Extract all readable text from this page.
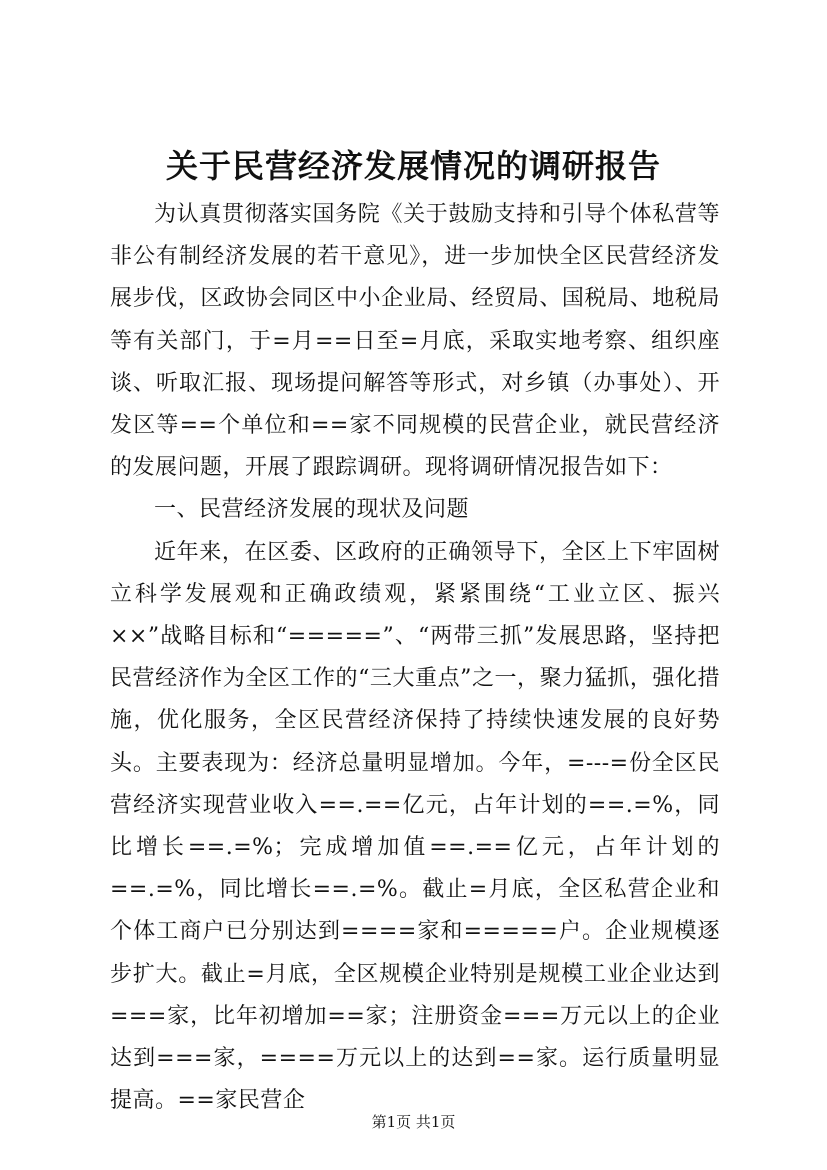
关于民营经济发展情况的调研报告

为认真贯彻落实国务院《关于鼓励支持和引导个体私营等非公有制经济发展的若干意见》，进一步加快全区民营经济发展步伐，区政协会同区中小企业局、经贸局、国税局、地税局等有关部门，于=月==日至=月底，采取实地考察、组织座谈、听取汇报、现场提问解答等形式，对乡镇（办事处）、开发区等==个单位和==家不同规模的民营企业，就民营经济的发展问题，开展了跟踪调研。现将调研情况报告如下：

一、民营经济发展的现状及问题

近年来，在区委、区政府的正确领导下，全区上下牢固树立科学发展观和正确政绩观，紧紧围绕“工业立区、振兴××”战略目标和“=====”、“两带三抓”发展思路，坚持把民营经济作为全区工作的“三大重点”之一，聚力猛抓，强化措施，优化服务，全区民营经济保持了持续快速发展的良好势头。主要表现为：经济总量明显增加。今年，=---=份全区民营经济实现营业收入==.==亿元，占年计划的==.=%，同比增长==.=%；完成增加值==.==亿元，占年计划的==.=%，同比增长==.=%。截止=月底，全区私营企业和个体工商户已分别达到====家和=====户。企业规模逐步扩大。截止=月底，全区规模企业特别是规模工业企业达到===家，比年初增加==家；注册资金===万元以上的企业达到===家，====万元以上的达到==家。运行质量明显提高。==家民营企

第1页 共1页
